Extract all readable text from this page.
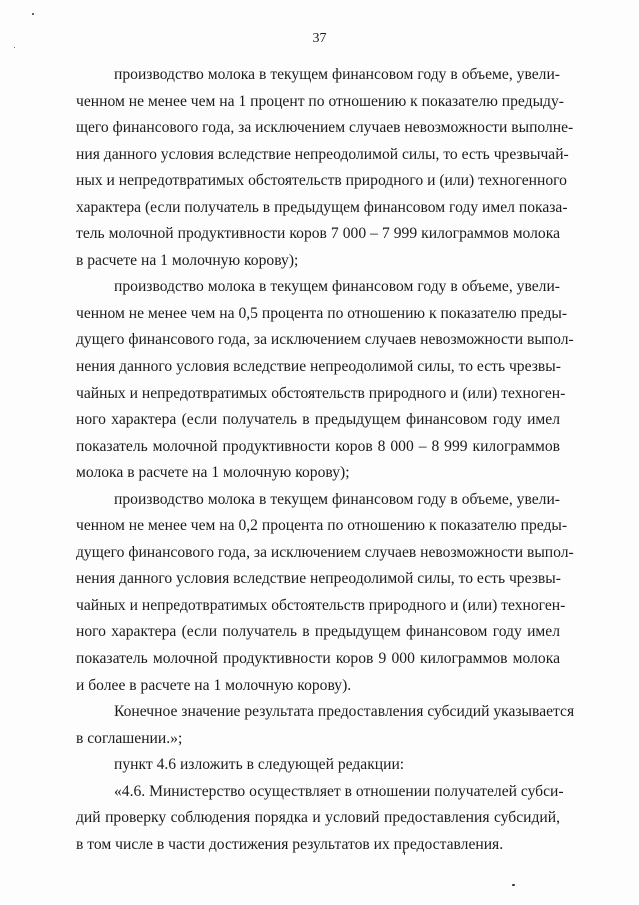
37

производство молока в текущем финансовом году в объеме, увели-
ченном не менее чем на 1 процент по отношению к показателю предыду-
щего финансового года, за исключением случаев невозможности выполне-
ния данного условия вследствие непреодолимой силы, то есть чрезвычай-
ных и непредотвратимых обстоятельств природного и (или) техногенного
характера (если получатель в предыдущем финансовом году имел показа-
тель молочной продуктивности коров 7 000 – 7 999 килограммов молока
в расчете на 1 молочную корову);

производство молока в текущем финансовом году в объеме, увели-
ченном не менее чем на 0,5 процента по отношению к показателю преды-
дущего финансового года, за исключением случаев невозможности выпол-
нения данного условия вследствие непреодолимой силы, то есть чрезвы-
чайных и непредотвратимых обстоятельств природного и (или) техноген-
ного характера (если получатель в предыдущем финансовом году имел
показатель молочной продуктивности коров 8 000 – 8 999 килограммов
молока в расчете на 1 молочную корову);

производство молока в текущем финансовом году в объеме, увели-
ченном не менее чем на 0,2 процента по отношению к показателю преды-
дущего финансового года, за исключением случаев невозможности выпол-
нения данного условия вследствие непреодолимой силы, то есть чрезвы-
чайных и непредотвратимых обстоятельств природного и (или) техноген-
ного характера (если получатель в предыдущем финансовом году имел
показатель молочной продуктивности коров 9 000 килограммов молока
и более в расчете на 1 молочную корову).

Конечное значение результата предоставления субсидий указывается
в соглашении.»;

пункт 4.6 изложить в следующей редакции:

«4.6. Министерство осуществляет в отношении получателей субси-
дий проверку соблюдения порядка и условий предоставления субсидий,
в том числе в части достижения результатов их предоставления.
